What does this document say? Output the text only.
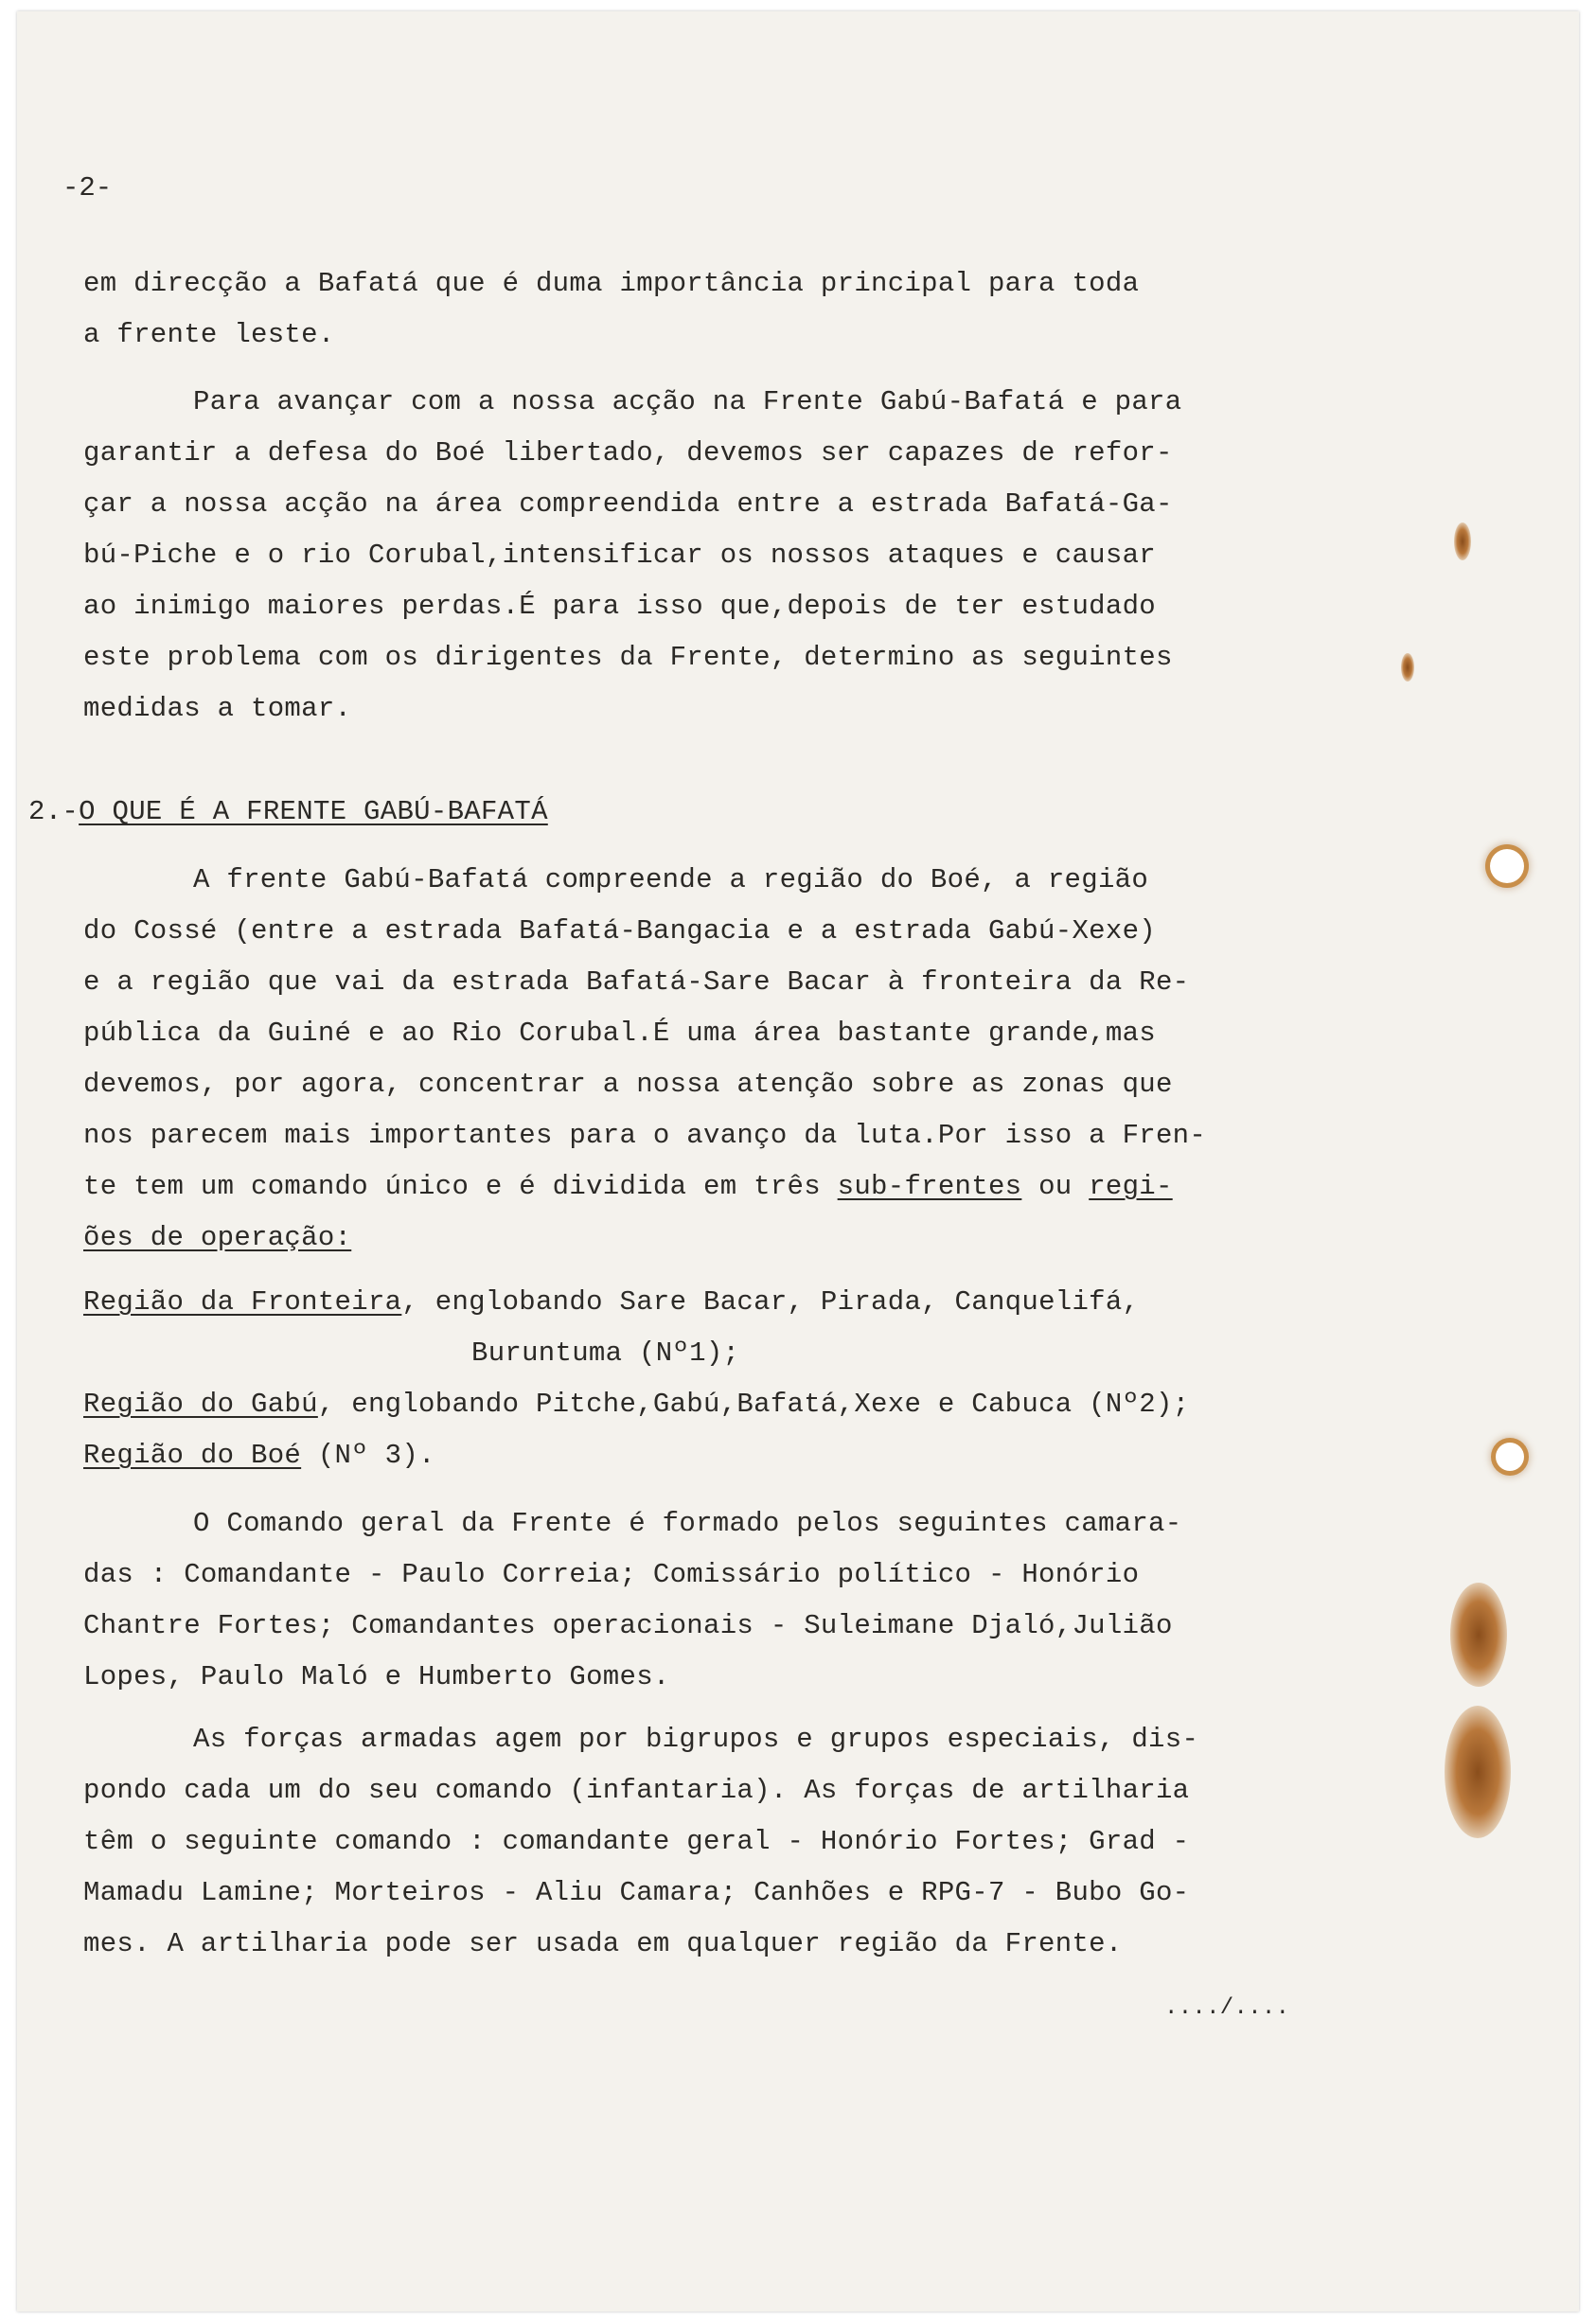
-2-
em direcção a Bafatá que é duma importância principal para toda
a frente leste.
Para avançar com a nossa acção na Frente Gabú-Bafatá e para
garantir a defesa do Boé libertado, devemos ser capazes de refor-
çar a nossa acção na área compreendida entre a estrada Bafatá-Ga-
bú-Piche e o rio Corubal,intensificar os nossos ataques e causar
ao inimigo maiores perdas.É para isso que,depois de ter estudado
este problema com os dirigentes da Frente, determino as seguintes
medidas a tomar.
2.-O QUE É A FRENTE GABÚ-BAFATÁ
A frente Gabú-Bafatá compreende a região do Boé, a região
do Cossé (entre a estrada Bafatá-Bangacia e a estrada Gabú-Xexe)
e a região que vai da estrada Bafatá-Sare Bacar à fronteira da Re-
pública da Guiné e ao Rio Corubal.É uma área bastante grande,mas
devemos, por agora, concentrar a nossa atenção sobre as zonas que
nos parecem mais importantes para o avanço da luta.Por isso a Fren-
te tem um comando único e é dividida em três sub-frentes ou regi-
ões de operação:
Região da Fronteira, englobando Sare Bacar, Pirada, Canquelifá,
Buruntuma (Nº1);
Região do Gabú, englobando Pitche,Gabú,Bafatá,Xexe e Cabuca (Nº2);
Região do Boé (Nº 3).
O Comando geral da Frente é formado pelos seguintes camara-
das : Comandante - Paulo Correia; Comissário político - Honório
Chantre Fortes; Comandantes operacionais - Suleimane Djaló,Julião
Lopes, Paulo Maló e Humberto Gomes.
As forças armadas agem por bigrupos e grupos especiais, dis-
pondo cada um do seu comando (infantaria). As forças de artilharia
têm o seguinte comando : comandante geral - Honório Fortes; Grad -
Mamadu Lamine; Morteiros - Aliu Camara; Canhões e RPG-7 - Bubo Go-
mes. A artilharia pode ser usada em qualquer região da Frente.
..../....
